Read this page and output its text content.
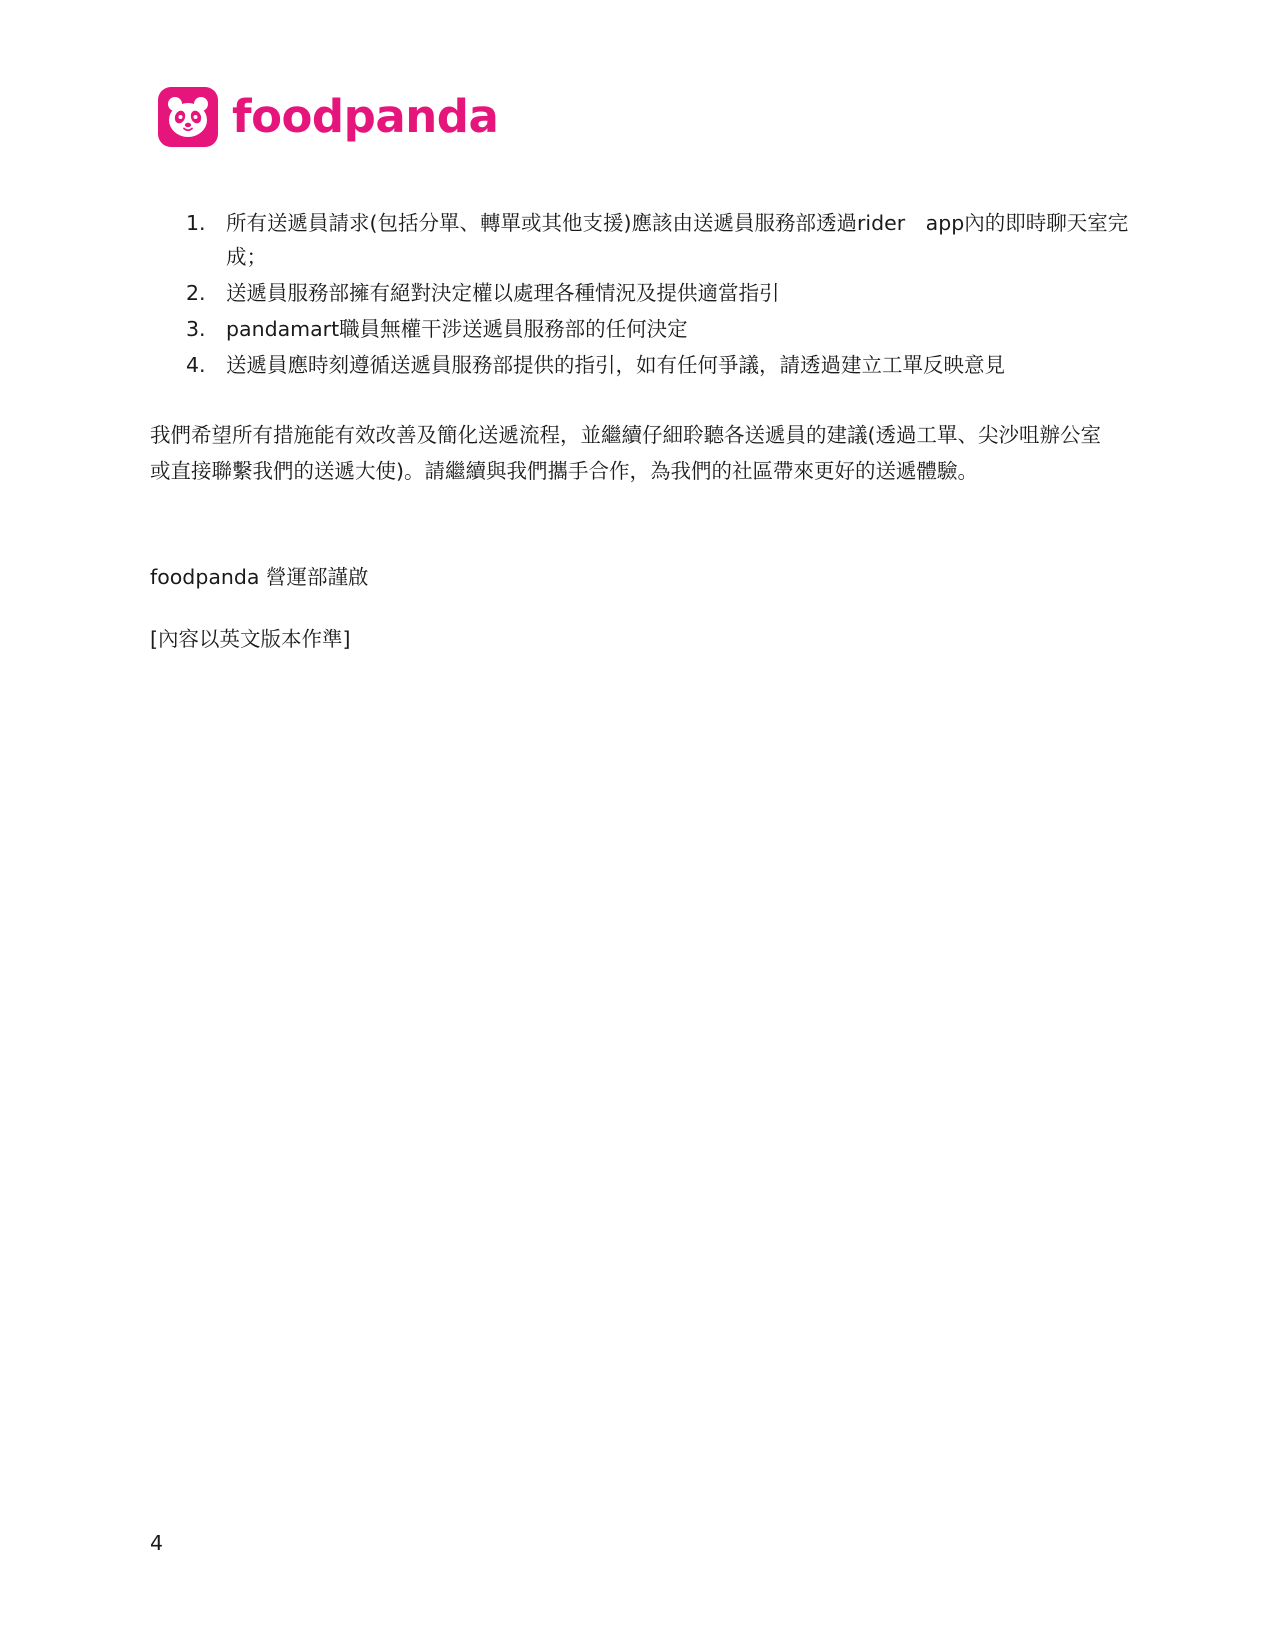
foodpanda
1. 所有送遞員請求(包括分單、轉單或其他支援)應該由送遞員服務部透過rider　app內的即時聊天室完成；
2. 送遞員服務部擁有絕對決定權以處理各種情況及提供適當指引
3. pandamart職員無權干涉送遞員服務部的任何決定
4. 送遞員應時刻遵循送遞員服務部提供的指引，如有任何爭議，請透過建立工單反映意見

我們希望所有措施能有效改善及簡化送遞流程，並繼續仔細聆聽各送遞員的建議(透過工單、尖沙咀辦公室或直接聯繫我們的送遞大使)。請繼續與我們攜手合作，為我們的社區帶來更好的送遞體驗。

foodpanda 營運部謹啟

[內容以英文版本作準]

4
